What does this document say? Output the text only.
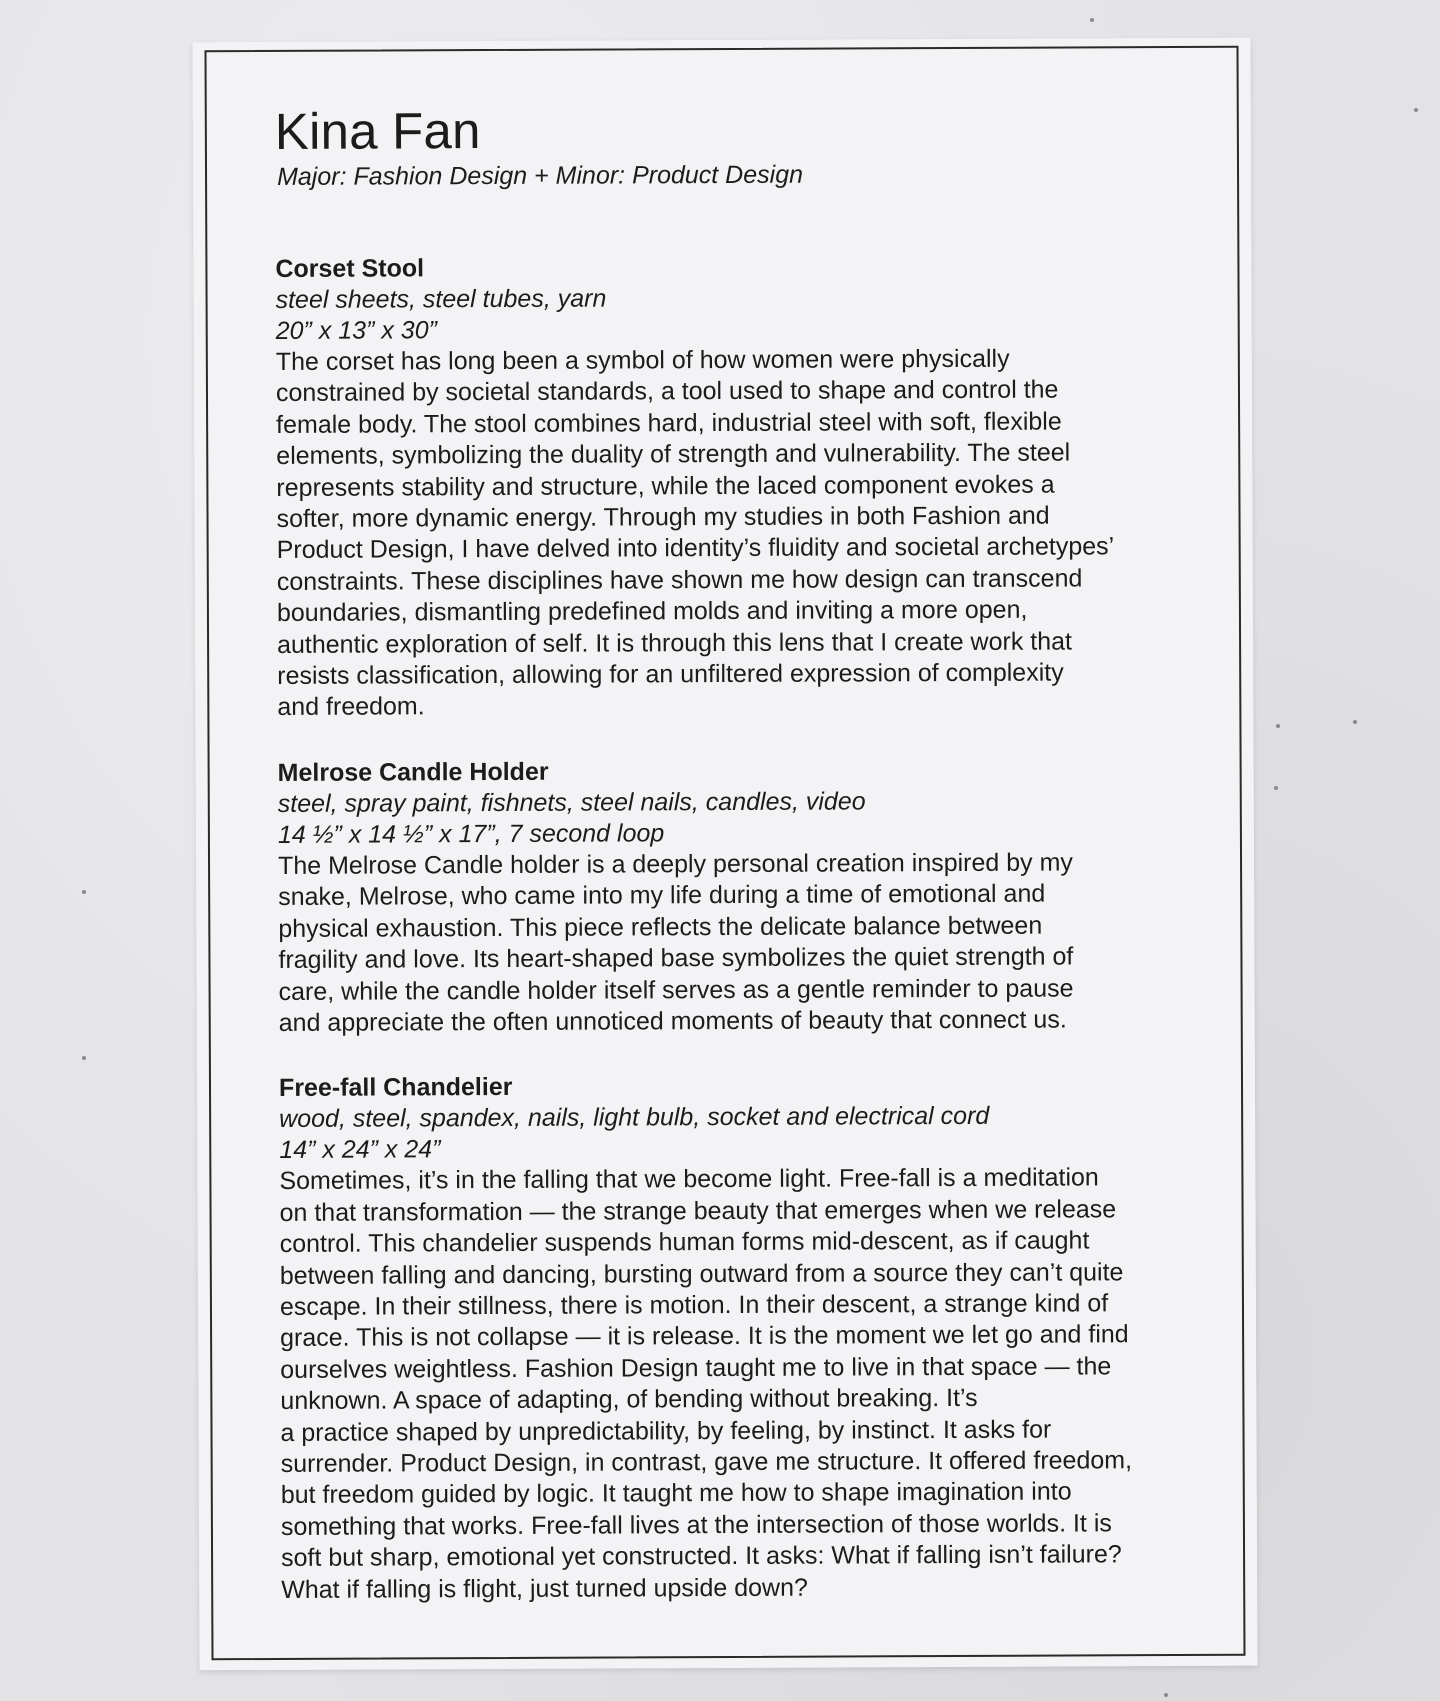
Kina Fan

Major: Fashion Design + Minor: Product Design

Corset Stool

steel sheets, steel tubes, yarn

20” x 13” x 30”

The corset has long been a symbol of how women were physically
constrained by societal standards, a tool used to shape and control the
female body. The stool combines hard, industrial steel with soft, flexible
elements, symbolizing the duality of strength and vulnerability. The steel
represents stability and structure, while the laced component evokes a
softer, more dynamic energy. Through my studies in both Fashion and
Product Design, I have delved into identity’s fluidity and societal archetypes’
constraints. These disciplines have shown me how design can transcend
boundaries, dismantling predefined molds and inviting a more open,
authentic exploration of self. It is through this lens that I create work that
resists classification, allowing for an unfiltered expression of complexity
and freedom.

Melrose Candle Holder

steel, spray paint, fishnets, steel nails, candles, video

14 ½” x 14 ½” x 17”, 7 second loop

The Melrose Candle holder is a deeply personal creation inspired by my
snake, Melrose, who came into my life during a time of emotional and
physical exhaustion. This piece reflects the delicate balance between
fragility and love. Its heart-shaped base symbolizes the quiet strength of
care, while the candle holder itself serves as a gentle reminder to pause
and appreciate the often unnoticed moments of beauty that connect us.

Free-fall Chandelier

wood, steel, spandex, nails, light bulb, socket and electrical cord

14” x 24” x 24”

Sometimes, it’s in the falling that we become light. Free-fall is a meditation
on that transformation — the strange beauty that emerges when we release
control. This chandelier suspends human forms mid-descent, as if caught
between falling and dancing, bursting outward from a source they can’t quite
escape. In their stillness, there is motion. In their descent, a strange kind of
grace. This is not collapse — it is release. It is the moment we let go and find
ourselves weightless. Fashion Design taught me to live in that space — the
unknown. A space of adapting, of bending without breaking. It’s
a practice shaped by unpredictability, by feeling, by instinct. It asks for
surrender. Product Design, in contrast, gave me structure. It offered freedom,
but freedom guided by logic. It taught me how to shape imagination into
something that works. Free-fall lives at the intersection of those worlds. It is
soft but sharp, emotional yet constructed. It asks: What if falling isn’t failure?
What if falling is flight, just turned upside down?
